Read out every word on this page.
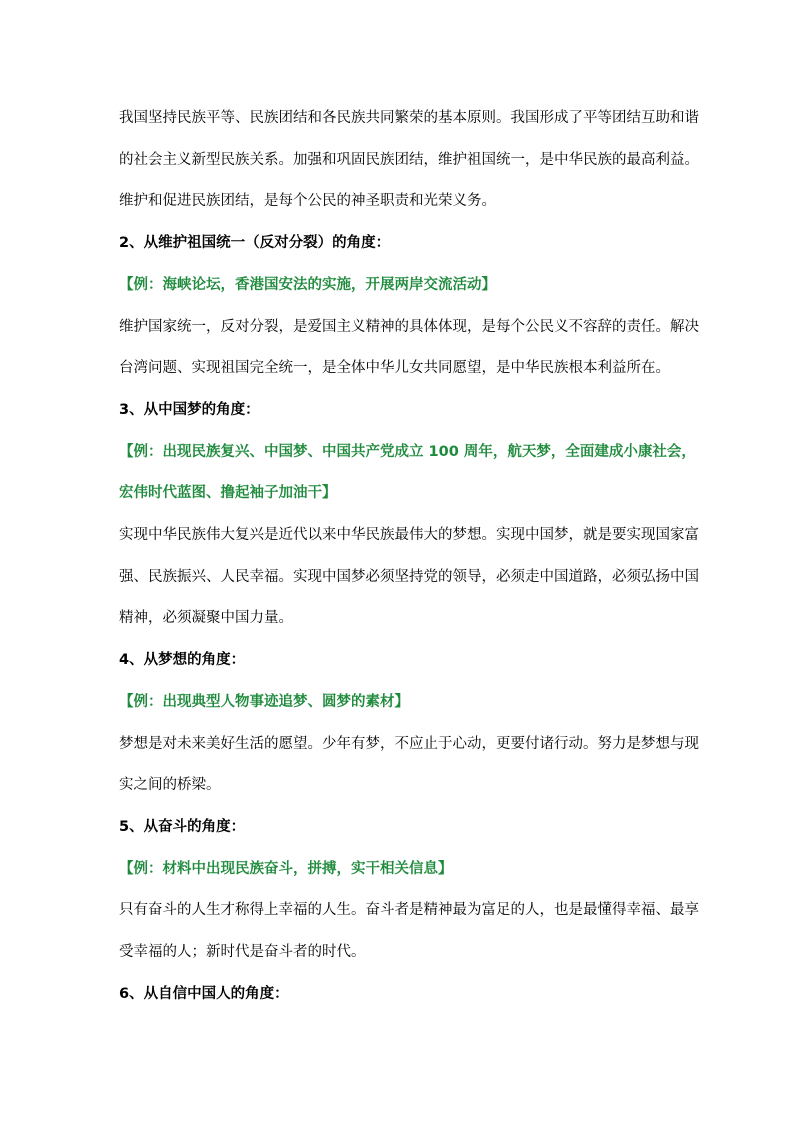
我国坚持民族平等、民族团结和各民族共同繁荣的基本原则。我国形成了平等团结互助和谐
的社会主义新型民族关系。加强和巩固民族团结，维护祖国统一，是中华民族的最高利益。
维护和促进民族团结，是每个公民的神圣职责和光荣义务。

2、从维护祖国统一（反对分裂）的角度：

【例：海峡论坛，香港国安法的实施，开展两岸交流活动】

维护国家统一，反对分裂，是爱国主义精神的具体体现，是每个公民义不容辞的责任。解决
台湾问题、实现祖国完全统一，是全体中华儿女共同愿望，是中华民族根本利益所在。

3、从中国梦的角度：

【例：出现民族复兴、中国梦、中国共产党成立 100 周年，航天梦，全面建成小康社会，
宏伟时代蓝图、撸起袖子加油干】

实现中华民族伟大复兴是近代以来中华民族最伟大的梦想。实现中国梦，就是要实现国家富
强、民族振兴、人民幸福。实现中国梦必须坚持党的领导，必须走中国道路，必须弘扬中国
精神，必须凝聚中国力量。

4、从梦想的角度：

【例：出现典型人物事迹追梦、圆梦的素材】

梦想是对未来美好生活的愿望。少年有梦，不应止于心动，更要付诸行动。努力是梦想与现
实之间的桥梁。

5、从奋斗的角度：

【例：材料中出现民族奋斗，拼搏，实干相关信息】

只有奋斗的人生才称得上幸福的人生。奋斗者是精神最为富足的人，也是最懂得幸福、最享
受幸福的人；新时代是奋斗者的时代。

6、从自信中国人的角度：
